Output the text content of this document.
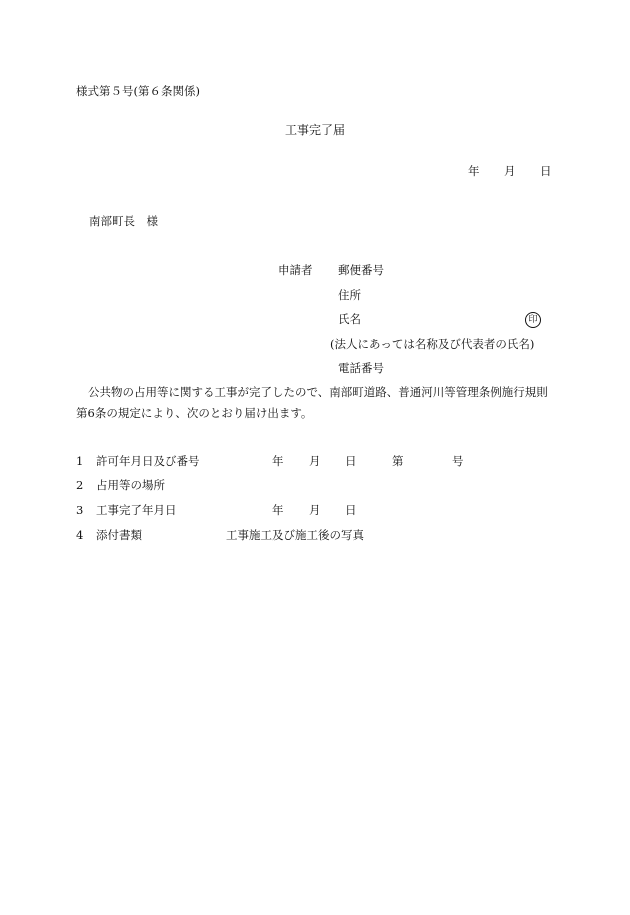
様式第５号(第６条関係)
工事完了届
年 月 日
南部町長　様
申請者 郵便番号
住所
氏名	印
(法人にあっては名称及び代表者の氏名)
電話番号
公共物の占用等に関する工事が完了したので、南部町道路、普通河川等管理条例施行規則第6条の規定により、次のとおり届け出ます。
1 許可年月日及び番号	年 月 日	第	号
2 占用等の場所
3 工事完了年月日	年 月 日
4 添付書類	工事施工及び施工後の写真
